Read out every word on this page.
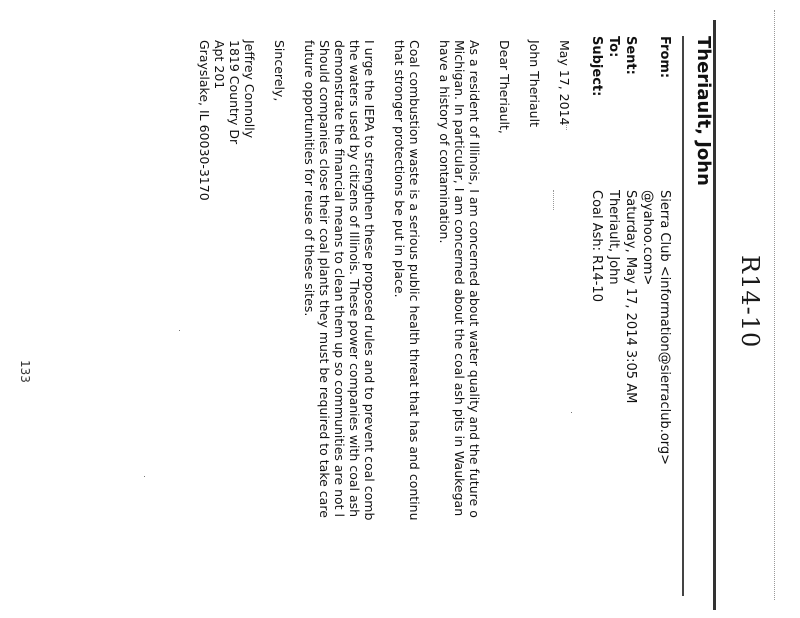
R14-10
Theriault, John
From:
Sierra Club <information@sierraclub.org>
@yahoo.com>
Sent:
Saturday, May 17, 2014 3:05 AM
To:
Theriault, John
Subject:
Coal Ash: R14-10
May 17, 2014
John Theriault
Dear Theriault,
As a resident of Illinois, I am concerned about water quality and the future o
Michigan. In particular, I am concerned about the coal ash pits in Waukegan
have a history of contamination.
Coal combustion waste is a serious public health threat that has and continu
that stronger protections be put in place.
I urge the IEPA to strengthen these proposed rules and to prevent coal comb
the waters used by citizens of Illinois. These power companies with coal ash
demonstrate the financial means to clean them up so communities are not l
Should companies close their coal plants they must be required to take care
future opportunities for reuse of these sites.
Sincerely,
Jeffrey Connolly
1819 Country Dr
Apt 201
Grayslake, IL 60030-3170
133
